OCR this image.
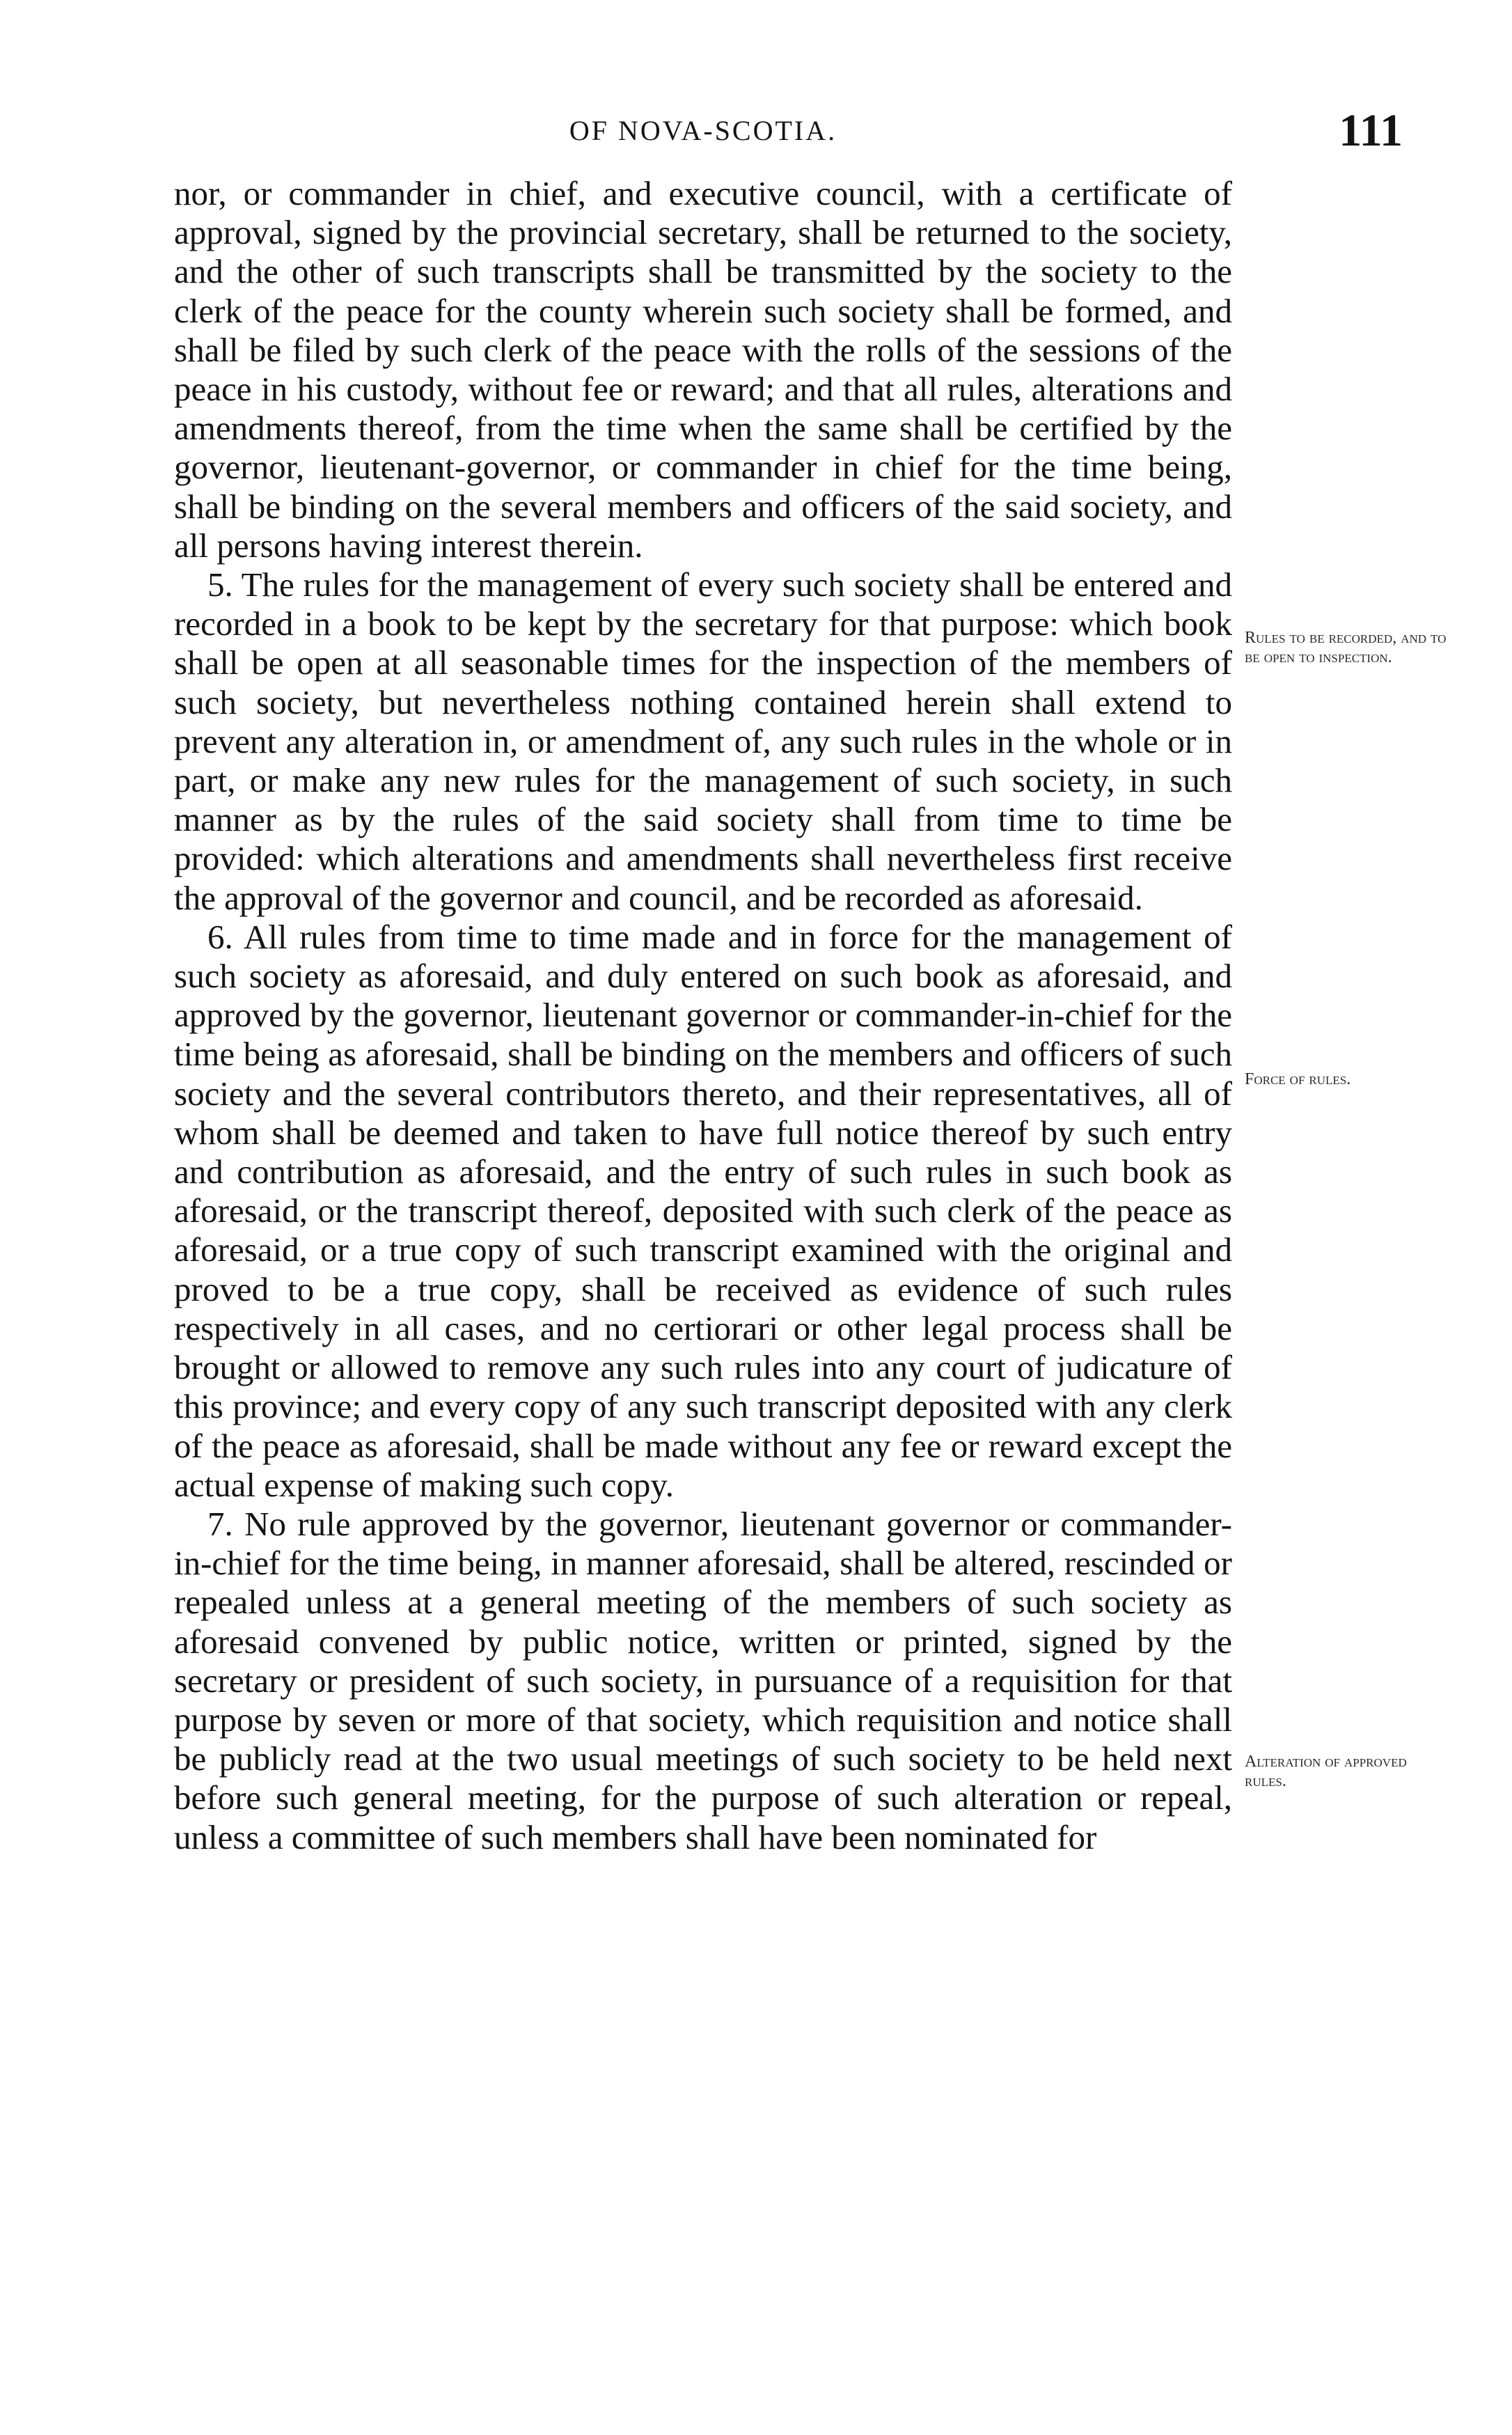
OF NOVA-SCOTIA.	111

nor, or commander in chief, and executive council, with a certificate of approval, signed by the provincial secretary, shall be returned to the society, and the other of such transcripts shall be transmitted by the society to the clerk of the peace for the county wherein such society shall be formed, and shall be filed by such clerk of the peace with the rolls of the sessions of the peace in his custody, without fee or reward; and that all rules, alterations and amendments thereof, from the time when the same shall be certified by the governor, lieutenant-governor, or commander in chief for the time being, shall be binding on the several members and officers of the said society, and all persons having interest therein.

5. The rules for the management of every such society shall be entered and recorded in a book to be kept by the secretary for that purpose: which book shall be open at all seasonable times for the inspection of the members of such society, but nevertheless nothing contained herein shall extend to prevent any alteration in, or amendment of, any such rules in the whole or in part, or make any new rules for the management of such society, in such manner as by the rules of the said society shall from time to time be provided: which alterations and amendments shall nevertheless first receive the approval of the governor and council, and be recorded as aforesaid.

6. All rules from time to time made and in force for the management of such society as aforesaid, and duly entered on such book as aforesaid, and approved by the governor, lieutenant governor or commander-in-chief for the time being as aforesaid, shall be binding on the members and officers of such society and the several contributors thereto, and their representatives, all of whom shall be deemed and taken to have full notice thereof by such entry and contribution as aforesaid, and the entry of such rules in such book as aforesaid, or the transcript thereof, deposited with such clerk of the peace as aforesaid, or a true copy of such transcript examined with the original and proved to be a true copy, shall be received as evidence of such rules respectively in all cases, and no certiorari or other legal process shall be brought or allowed to remove any such rules into any court of judicature of this province; and every copy of any such transcript deposited with any clerk of the peace as aforesaid, shall be made without any fee or reward except the actual expense of making such copy.

7. No rule approved by the governor, lieutenant governor or commander-in-chief for the time being, in manner aforesaid, shall be altered, rescinded or repealed unless at a general meeting of the members of such society as aforesaid convened by public notice, written or printed, signed by the secretary or president of such society, in pursuance of a requisition for that purpose by seven or more of that society, which requisition and notice shall be publicly read at the two usual meetings of such society to be held next before such general meeting, for the purpose of such alteration or repeal, unless a committee of such members shall have been nominated for

Rules to be recorded, and to be open to inspection.
Force of rules.
Alteration of approved rules.
